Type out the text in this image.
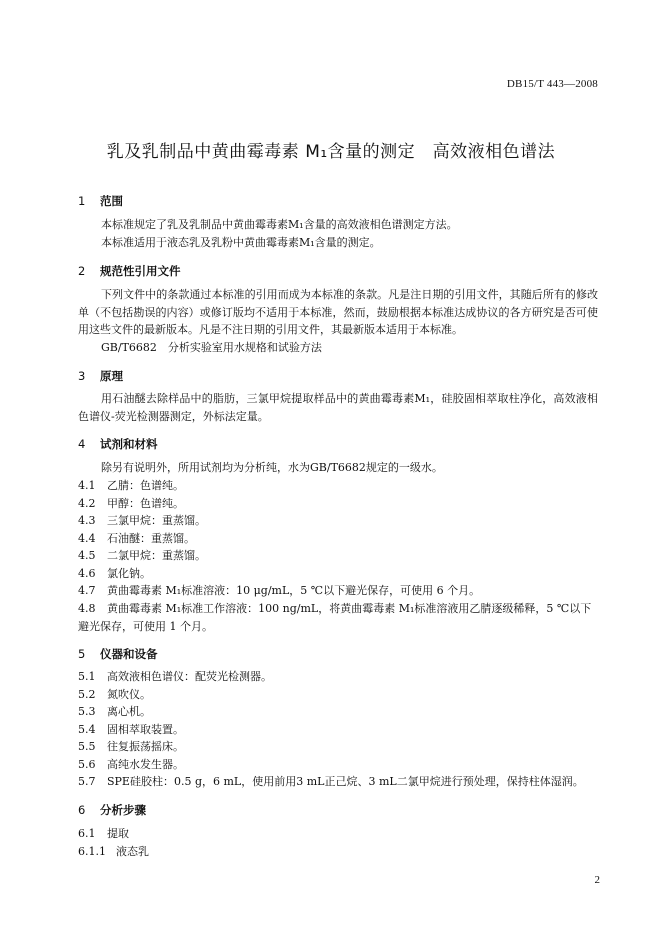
DB15/T 443—2008
乳及乳制品中黄曲霉毒素 M₁含量的测定　高效液相色谱法
1 范围
本标准规定了乳及乳制品中黄曲霉毒素M₁含量的高效液相色谱测定方法。
本标准适用于液态乳及乳粉中黄曲霉毒素M₁含量的测定。
2 规范性引用文件
下列文件中的条款通过本标准的引用而成为本标准的条款。凡是注日期的引用文件，其随后所有的修改单（不包括勘误的内容）或修订版均不适用于本标准，然而，鼓励根据本标准达成协议的各方研究是否可使用这些文件的最新版本。凡是不注日期的引用文件，其最新版本适用于本标准。
GB/T6682　分析实验室用水规格和试验方法
3 原理
用石油醚去除样品中的脂肪，三氯甲烷提取样品中的黄曲霉毒素M₁，硅胶固相萃取柱净化，高效液相色谱仪-荧光检测器测定，外标法定量。
4 试剂和材料
除另有说明外，所用试剂均为分析纯，水为GB/T6682规定的一级水。
4.1 乙腈：色谱纯。
4.2 甲醇：色谱纯。
4.3 三氯甲烷：重蒸馏。
4.4 石油醚：重蒸馏。
4.5 二氯甲烷：重蒸馏。
4.6 氯化钠。
4.7 黄曲霉毒素 M₁标准溶液：10 μg/mL，5 ℃以下避光保存，可使用 6 个月。
4.8 黄曲霉毒素 M₁标准工作溶液：100 ng/mL，将黄曲霉毒素 M₁标准溶液用乙腈逐级稀释，5 ℃以下避光保存，可使用 1 个月。
5 仪器和设备
5.1 高效液相色谱仪：配荧光检测器。
5.2 氮吹仪。
5.3 离心机。
5.4 固相萃取装置。
5.5 往复振荡摇床。
5.6 高纯水发生器。
5.7 SPE硅胶柱：0.5 g，6 mL，使用前用3 mL正己烷、3 mL二氯甲烷进行预处理，保持柱体湿润。
6 分析步骤
6.1 提取
6.1.1 液态乳
2
